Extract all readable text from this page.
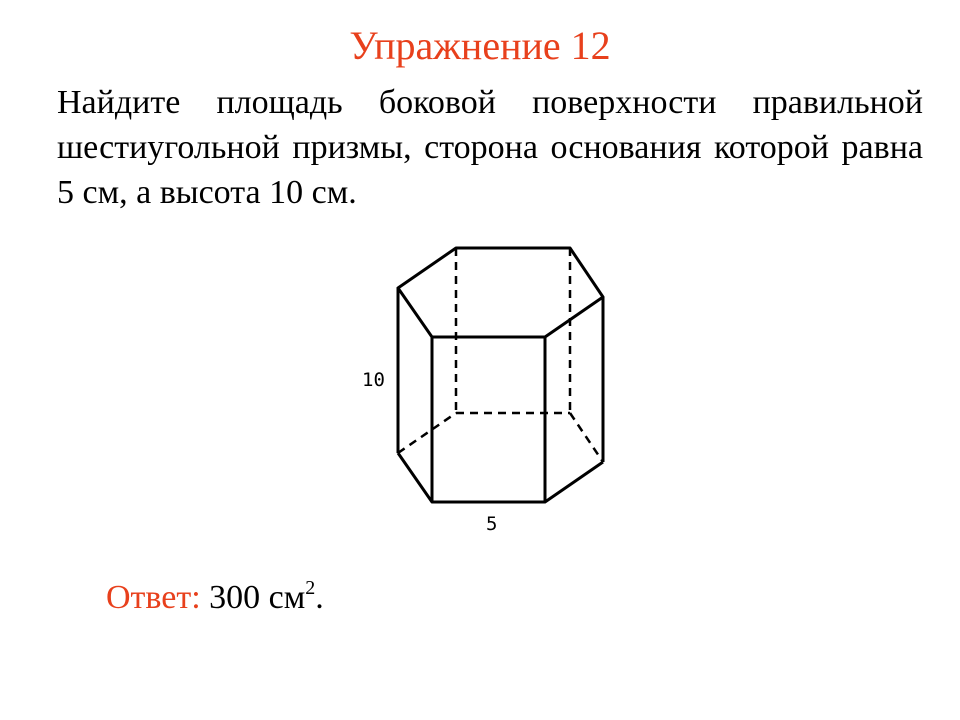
Упражнение 12
Найдите площадь боковой поверхности правильной шестиугольной призмы, сторона основания которой равна 5 см, а высота 10 см.
10
5
Ответ: 300 $см^2$.
